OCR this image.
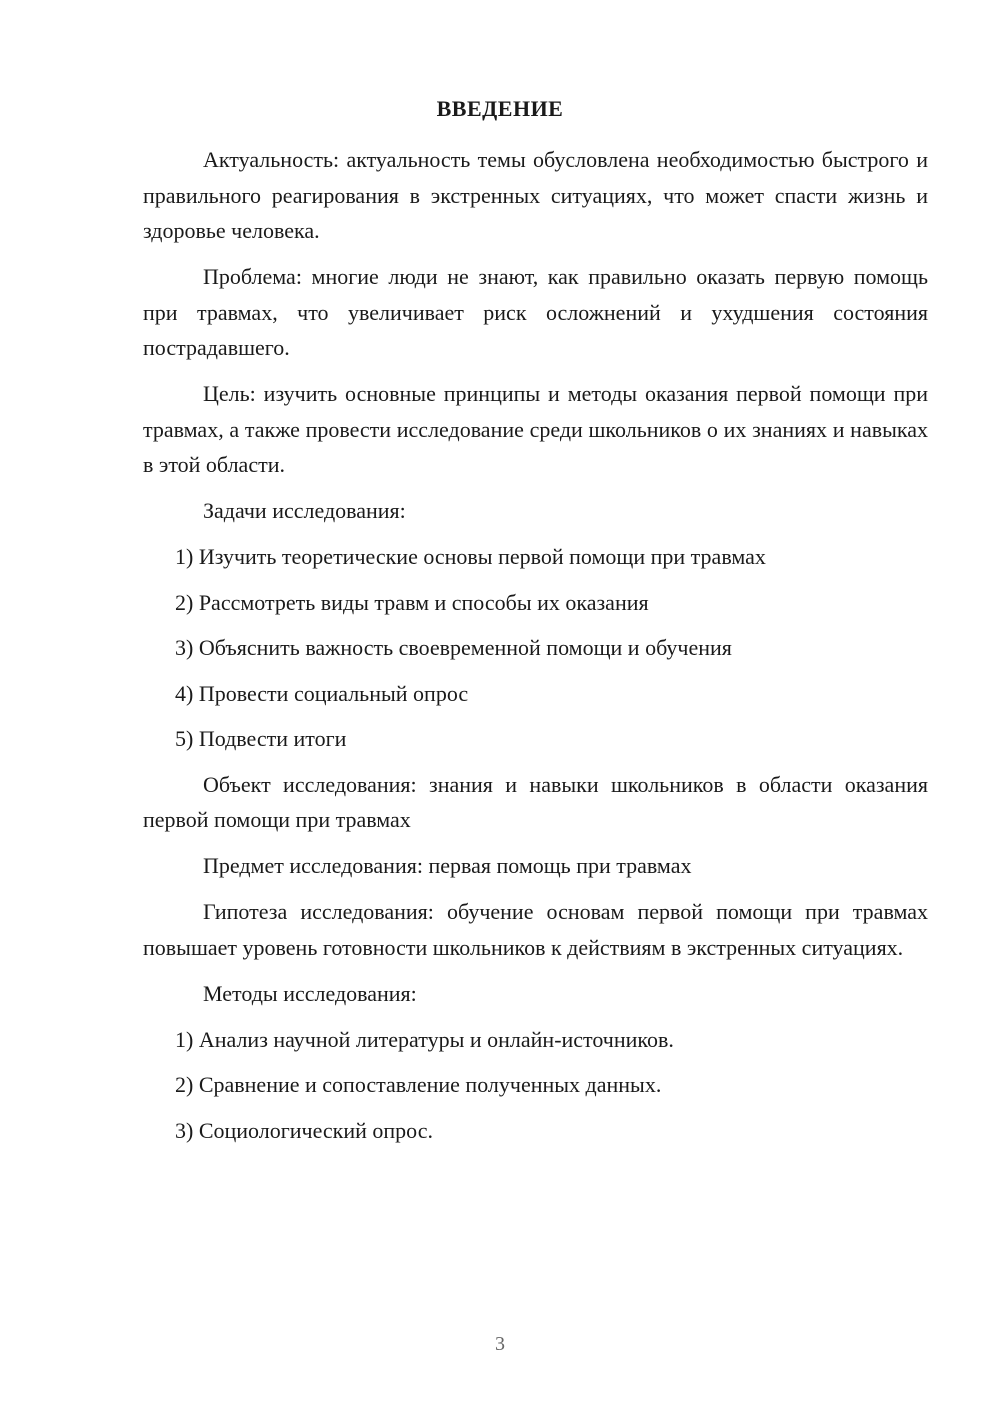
ВВЕДЕНИЕ

Актуальность: актуальность темы обусловлена необходимостью быстрого и правильного реагирования в экстренных ситуациях, что может спасти жизнь и здоровье человека.

Проблема: многие люди не знают, как правильно оказать первую помощь при травмах, что увеличивает риск осложнений и ухудшения состояния пострадавшего.

Цель: изучить основные принципы и методы оказания первой помощи при травмах, а также провести исследование среди школьников о их знаниях и навыках в этой области.

Задачи исследования:

1) Изучить теоретические основы первой помощи при травмах
2) Рассмотреть виды травм и способы их оказания
3) Объяснить важность своевременной помощи и обучения
4) Провести социальный опрос
5) Подвести итоги

Объект исследования: знания и навыки школьников в области оказания первой помощи при травмах

Предмет исследования: первая помощь при травмах

Гипотеза исследования: обучение основам первой помощи при травмах повышает уровень готовности школьников к действиям в экстренных ситуациях.

Методы исследования:

1) Анализ научной литературы и онлайн-источников.
2) Сравнение и сопоставление полученных данных.
3) Социологический опрос.
3
